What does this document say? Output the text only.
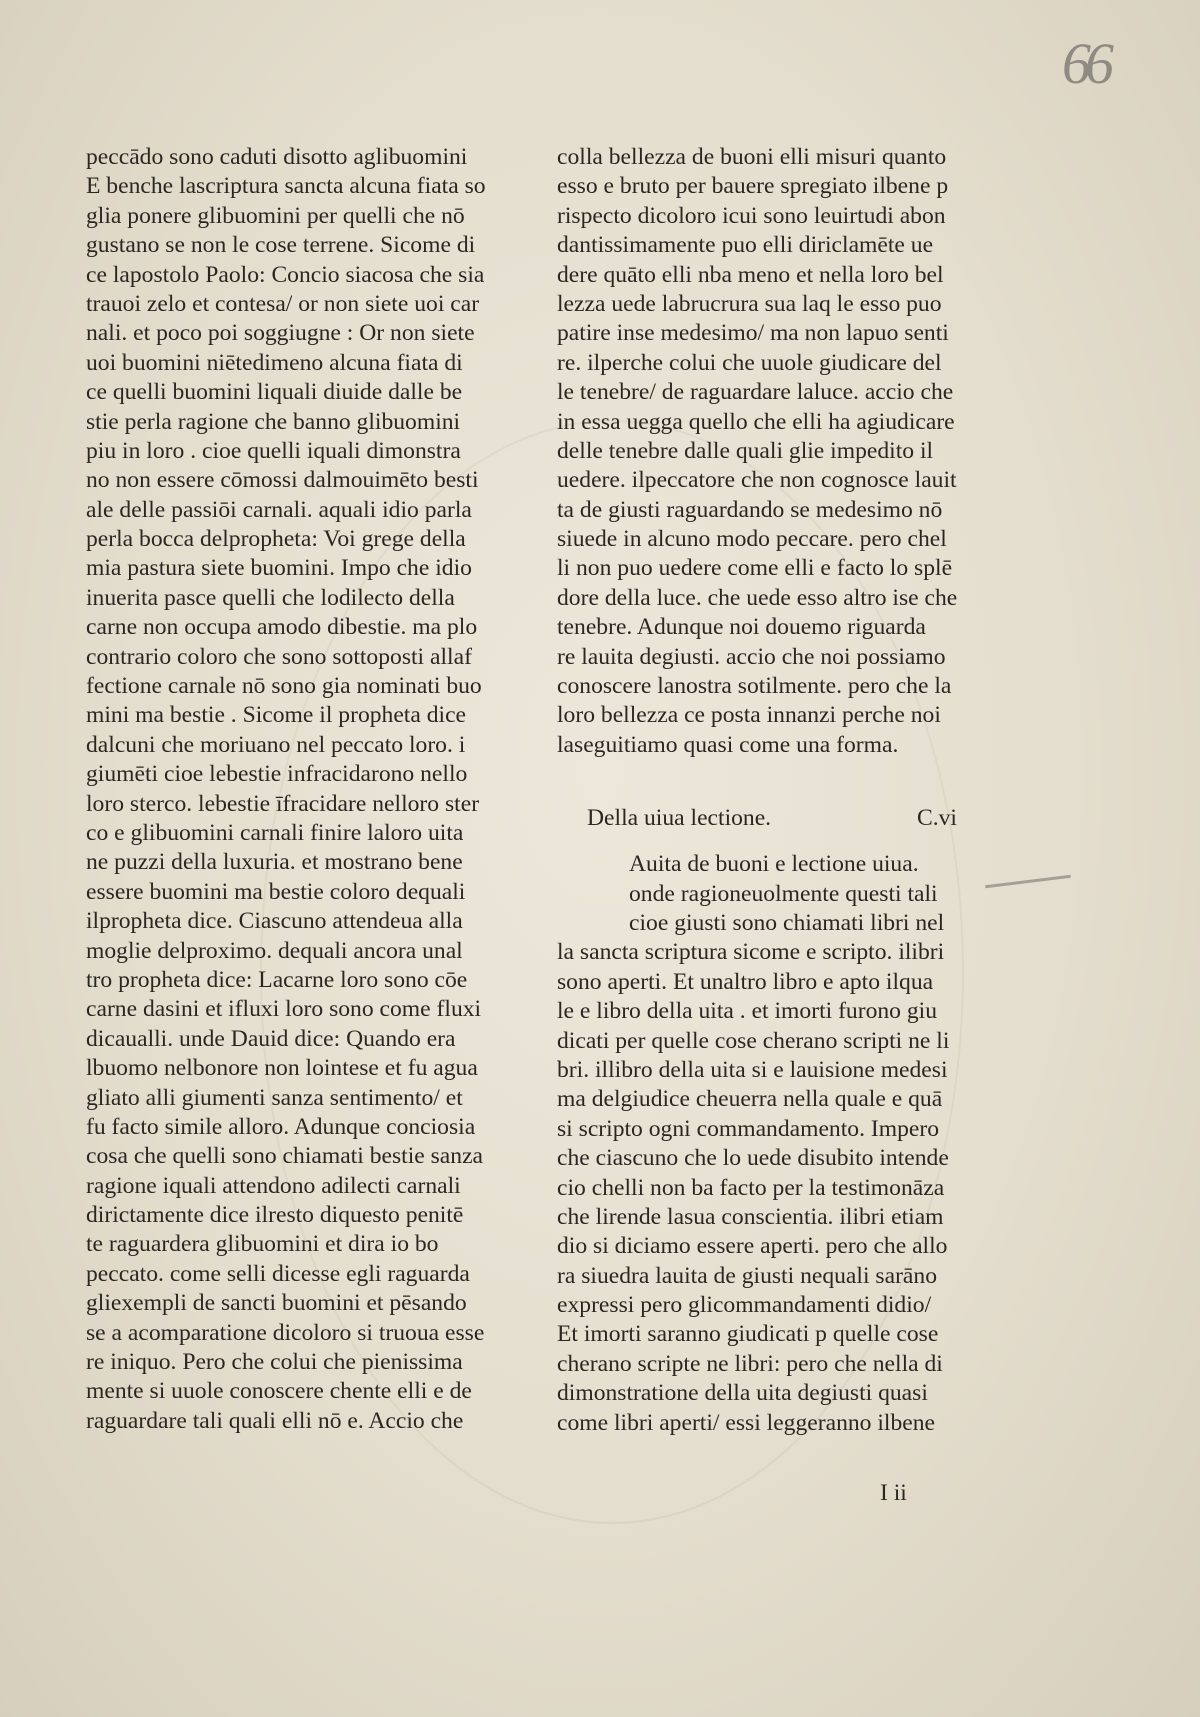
66
peccādo sono caduti disotto aglibuomini
E benche lascriptura sancta alcuna fiata so
glia ponere glibuomini per quelli che nō
gustano se non le cose terrene. Sicome di
ce lapostolo Paolo: Concio siacosa che sia
trauoi zelo et contesa/ or non siete uoi car
nali. et poco poi soggiugne : Or non siete
uoi buomini niētedimeno alcuna fiata di
ce quelli buomini liquali diuide dalle be
stie perla ragione che banno glibuomini
piu in loro . cioe quelli iquali dimonstra
no non essere cōmossi dalmouimēto besti
ale delle passiōi carnali. aquali idio parla
perla bocca delpropheta: Voi grege della
mia pastura siete buomini. Impo che idio
inuerita pasce quelli che lodilecto della
carne non occupa amodo dibestie. ma plo
contrario coloro che sono sottoposti allaf
fectione carnale nō sono gia nominati buo
mini ma bestie . Sicome il propheta dice
dalcuni che moriuano nel peccato loro. i
giumēti cioe lebestie infracidarono nello
loro sterco. lebestie īfracidare nelloro ster
co e glibuomini carnali finire laloro uita
ne puzzi della luxuria. et mostrano bene
essere buomini ma bestie coloro dequali
ilpropheta dice. Ciascuno attendeua alla
moglie delproximo. dequali ancora unal
tro propheta dice: Lacarne loro sono cōe
carne dasini et ifluxi loro sono come fluxi
dicaualli. unde Dauid dice: Quando era
lbuomo nelbonore non lointese et fu agua
gliato alli giumenti sanza sentimento/ et
fu facto simile alloro. Adunque conciosia
cosa che quelli sono chiamati bestie sanza
ragione iquali attendono adilecti carnali
dirictamente dice ilresto diquesto penitē
te raguardera glibuomini et dira io bo
peccato. come selli dicesse egli raguarda
gliexempli de sancti buomini et pēsando
se a acomparatione dicoloro si truoua esse
re iniquo. Pero che colui che pienissima
mente si uuole conoscere chente elli e de
raguardare tali quali elli nō e. Accio che
colla bellezza de buoni elli misuri quanto
esso e bruto per bauere spregiato ilbene p
rispecto dicoloro icui sono leuirtudi abon
dantissimamente puo elli diriclamēte ue
dere quāto elli nba meno et nella loro bel
lezza uede labrucrura sua laq le esso puo
patire inse medesimo/ ma non lapuo senti
re. ilperche colui che uuole giudicare del
le tenebre/ de raguardare laluce. accio che
in essa uegga quello che elli ha agiudicare
delle tenebre dalle quali glie impedito il
uedere. ilpeccatore che non cognosce lauit
ta de giusti raguardando se medesimo nō
siuede in alcuno modo peccare. pero chel
li non puo uedere come elli e facto lo splē
dore della luce. che uede esso altro ise che
tenebre. Adunque noi douemo riguarda
re lauita degiusti. accio che noi possiamo
conoscere lanostra sotilmente. pero che la
loro bellezza ce posta innanzi perche noi
laseguitiamo quasi come una forma.
Della uiua lectione.	C.vi
Auita de buoni e lectione uiua.
onde ragioneuolmente questi tali
cioe giusti sono chiamati libri nel
la sancta scriptura sicome e scripto. ilibri
sono aperti. Et unaltro libro e apto ilqua
le e libro della uita . et imorti furono giu
dicati per quelle cose cherano scripti ne li
bri. illibro della uita si e lauisione medesi
ma delgiudice cheuerra nella quale e quā
si scripto ogni commandamento. Impero
che ciascuno che lo uede disubito intende
cio chelli non ba facto per la testimonāza
che lirende lasua conscientia. ilibri etiam
dio si diciamo essere aperti. pero che allo
ra siuedra lauita de giusti nequali sarāno
expressi pero glicommandamenti didio/
Et imorti saranno giudicati p quelle cose
cherano scripte ne libri: pero che nella di
dimonstratione della uita degiusti quasi
come libri aperti/ essi leggeranno ilbene
I ii
